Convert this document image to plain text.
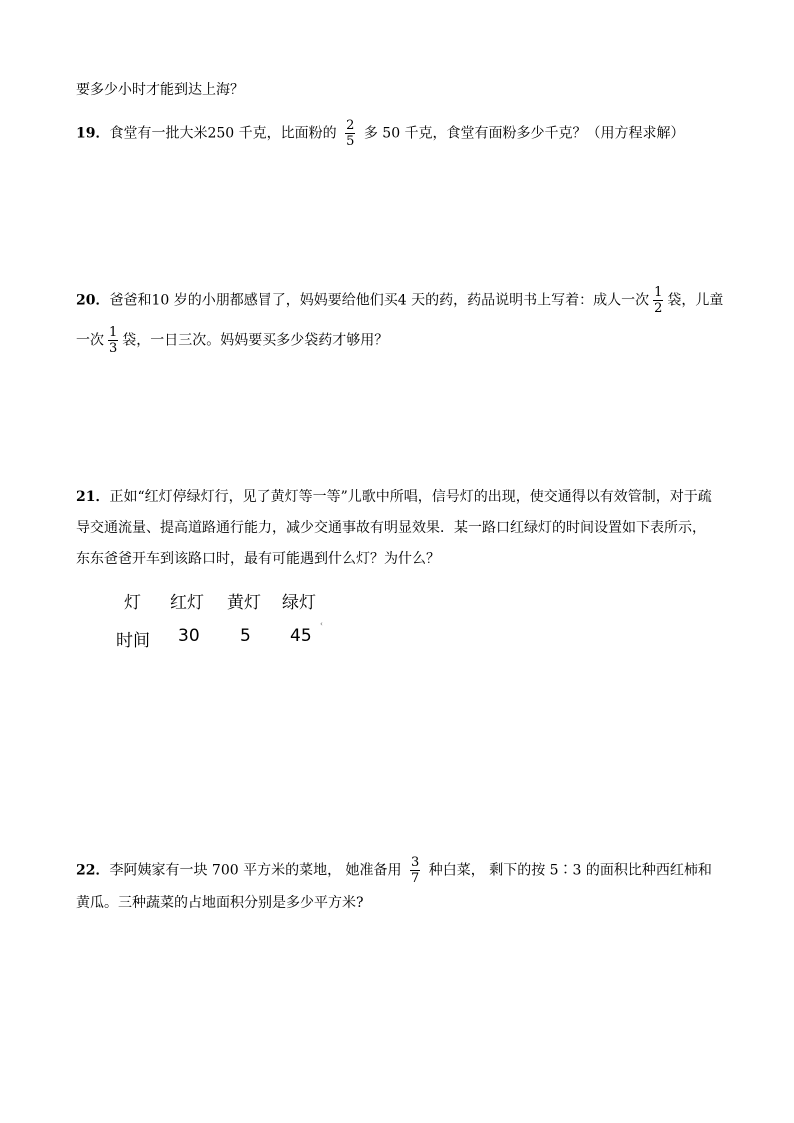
要多少小时才能到达上海？
19．食堂有一批大米250 千克，比面粉的 $\frac{2}{5}$ 多 50 千克，食堂有面粉多少千克？（用方程求解）
20．爸爸和10 岁的小朋都感冒了，妈妈要给他们买4 天的药，药品说明书上写着：成人一次 $\frac{1}{2}$ 袋，儿童
一次 $\frac{1}{3}$ 袋，一日三次。妈妈要买多少袋药才够用？
21．正如“红灯停绿灯行，见了黄灯等一等”儿歌中所唱，信号灯的出现，使交通得以有效管制，对于疏
导交通流量、提高道路通行能力，减少交通事故有明显效果．某一路口红绿灯的时间设置如下表所示，
东东爸爸开车到该路口时，最有可能遇到什么灯？为什么？
灯 红灯 黄灯 绿灯
时间 30 5 45
‹
22．李阿姨家有一块 700 平方米的菜地， 她准备用 $\frac{3}{7}$ 种白菜， 剩下的按 5∶3 的面积比种西红柿和
黄瓜。三种蔬菜的占地面积分别是多少平方米?
